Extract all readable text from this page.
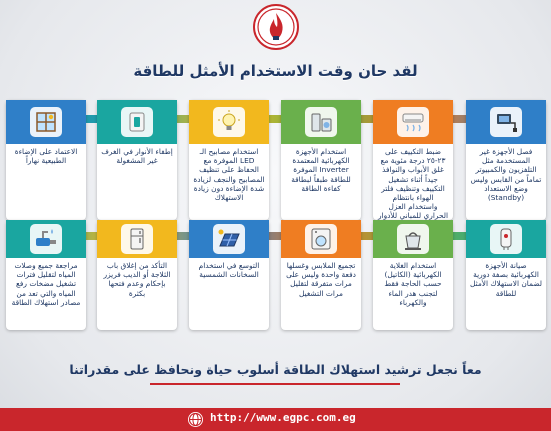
لقد حان وقت الاستخدام الأمثل للطاقة
فصل الأجهزة غير المستخدمة مثل التلفزيون والكمبيوتر تماماً من القابس وليس وضع الاستعداد (Standby)
ضبط التكييف على ٢٣-٢٥ درجة مئوية مع غلق الأبواب والنوافذ جيداً أثناء تشغيل التكييف وتنظيف فلتر الهواء بانتظام واستخدام العزل الحراري للمباني للأدوار
استخدام الأجهزة الكهربائية المعتمدة Inverter الموفرة للطاقة طبقاً لبطاقة كفاءة الطاقة
استخدام مصابيح الـ LED الموفرة مع الحفاظ على تنظيف المصابيح والنجف لزيادة شدة الإضاءة دون زيادة الاستهلاك
إطفاء الأنوار في الغرف غير المشغولة
الاعتماد على الإضاءة الطبيعية نهاراً
صيانة الأجهزة الكهربائية بصفة دورية لضمان الاستهلاك الأمثل للطاقة
استخدام الغلاية الكهربائية (الكاتيل) حسب الحاجة فقط لتجنب هدر الماء والكهرباء
تجميع الملابس وغسلها دفعة واحدة وليس على مرات متفرقة لتقليل مرات التشغيل
التوسع في استخدام السخانات الشمسية
التأكد من إغلاق باب الثلاجة أو الديب فريزر بإحكام وعدم فتحها بكثرة
مراجعة جميع وصلات المياه لتقليل فترات تشغيل مضخات رفع المياه والتي تعد من مصادر استهلاك الطاقة
معاً نجعل ترشيد استهلاك الطاقة أسلوب حياة ونحافظ على مقدراتنا
http://www.egpc.com.eg
